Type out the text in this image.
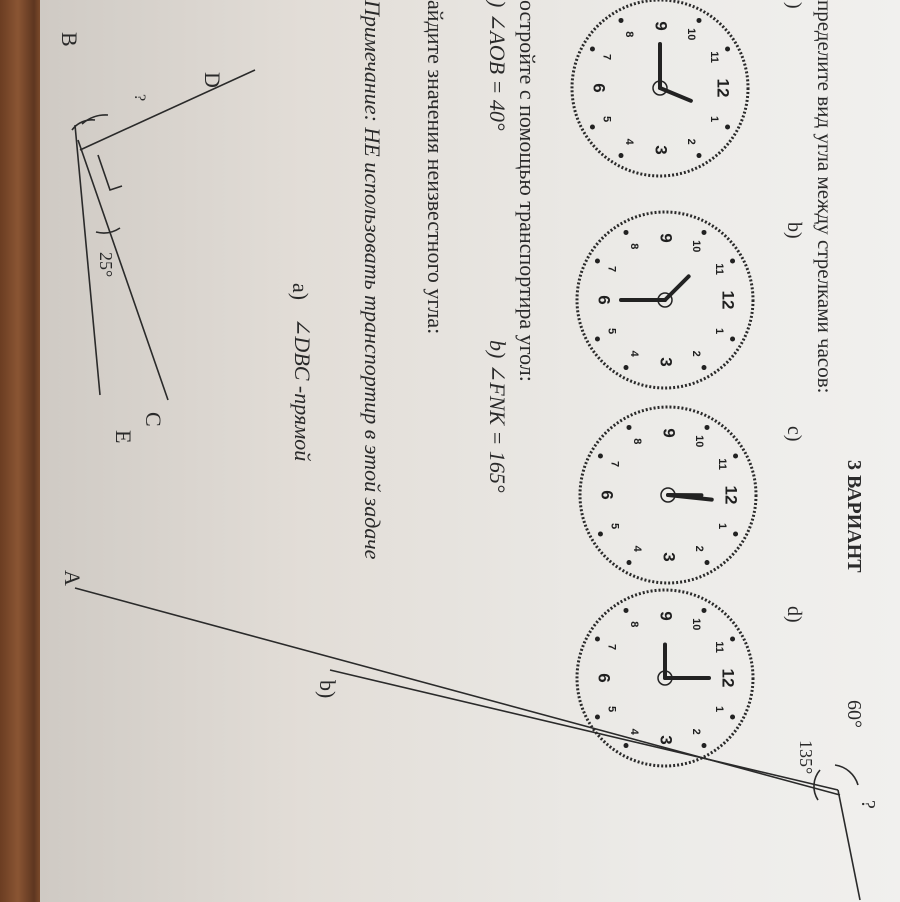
3 ВАРИАНТ
пределите вид угла между стрелками часов:
)
b)
c)
d)
12
1
2
3
4
5
6
7
8
9
10
11
12
1
2
3
4
5
6
7
8
9
10
11
12
1
2
3
4
5
6
7
8
9
10
11
12
1
2
3
4
5
6
7
8
9
10
11
остройте с помощью транспортира угол:
) ∠AOB = 40°
b) ∠FNK = 165°
айдите значения неизвестного угла:
Примечание: НЕ использовать транспортир в этой задаче
a)
∠DBC -прямой
D
B
C
E
25°
?
b)
A
60°
135°
?
